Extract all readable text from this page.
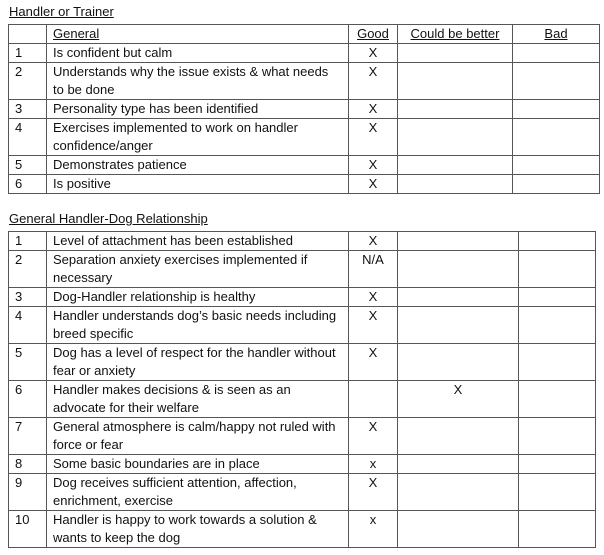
Handler or Trainer
	General	Good	Could be better	Bad
1	Is confident but calm	X		
2	Understands why the issue exists & what needs to be done	X		
3	Personality type has been identified	X		
4	Exercises implemented to work on handler confidence/anger	X		
5	Demonstrates patience	X		
6	Is positive	X		
General Handler-Dog Relationship
1	Level of attachment has been established	X		
2	Separation anxiety exercises implemented if necessary	N/A		
3	Dog-Handler relationship is healthy	X		
4	Handler understands dog’s basic needs including breed specific	X		
5	Dog has a level of respect for the handler without fear or anxiety	X		
6	Handler makes decisions & is seen as an advocate for their welfare		X	
7	General atmosphere is calm/happy not ruled with force or fear	X		
8	Some basic boundaries are in place	x		
9	Dog receives sufficient attention, affection, enrichment, exercise	X		
10	Handler is happy to work towards a solution & wants to keep the dog	x		
